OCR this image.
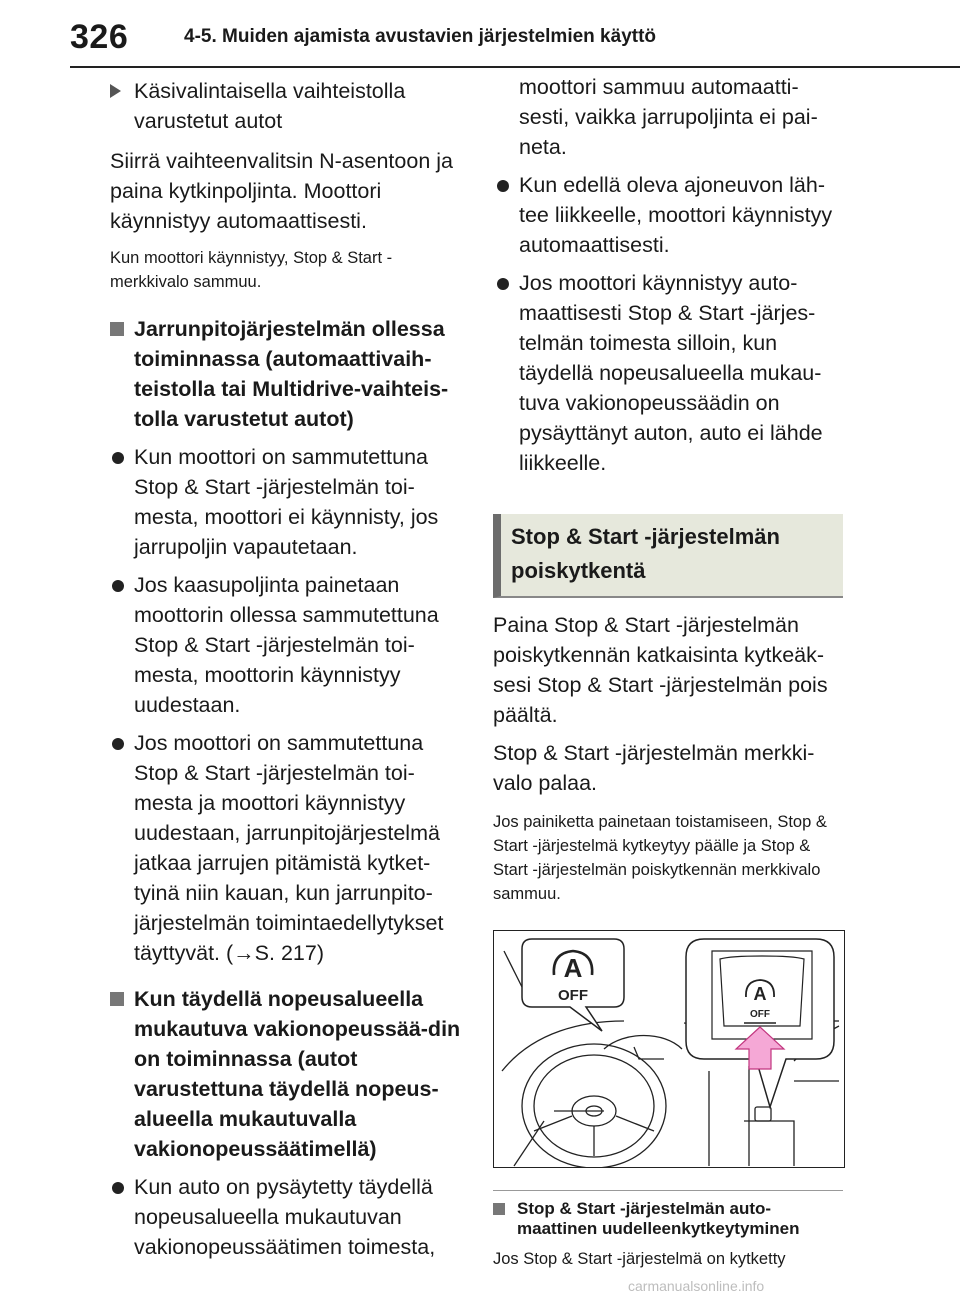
326	4-5. Muiden ajamista avustavien järjestelmien käyttö
Käsivalintaisella vaihteistolla varustetut autot

Siirrä vaihteenvalitsin N-asentoon ja paina kytkinpoljinta. Moottori käynnistyy automaattisesti.

Kun moottori käynnistyy, Stop & Start -merkkivalo sammuu.

Jarrunpitojärjestelmän ollessa toiminnassa (automaattivaih-teistolla tai Multidrive-vaihteis-tolla varustetut autot)
Kun moottori on sammutettuna Stop & Start -järjestelmän toi-mesta, moottori ei käynnisty, jos jarrupoljin vapautetaan.
Jos kaasupoljinta painetaan moottorin ollessa sammutettuna Stop & Start -järjestelmän toi-mesta, moottorin käynnistyy uudestaan.
Jos moottori on sammutettuna Stop & Start -järjestelmän toi-mesta ja moottori käynnistyy uudestaan, jarrunpitojärjestelmä jatkaa jarrujen pitämistä kytket-tyinä niin kauan, kun jarrunpito-järjestelmän toimintaedellytykset täyttyvät. (→S. 217)
Kun täydellä nopeusalueella mukautuva vakionopeussää-din on toiminnassa (autot varustettuna täydellä nopeus-alueella mukautuvalla vakionopeussäätimellä)
Kun auto on pysäytetty täydellä nopeusalueella mukautuvan vakionopeussäätimen toimesta,

moottori sammuu automaatti-sesti, vaikka jarrupoljinta ei pai-neta.

Kun edellä oleva ajoneuvon läh-tee liikkeelle, moottori käynnistyy automaattisesti.
Jos moottori käynnistyy auto-maattisesti Stop & Start -järjes-telmän toimesta silloin, kun täydellä nopeusalueella mukau-tuva vakionopeussäädin on pysäyttänyt auton, auto ei lähde liikkeelle.
Stop & Start -järjestelmän poiskytkentä

Paina Stop & Start -järjestelmän poiskytkennän katkaisinta kytkeäk-sesi Stop & Start -järjestelmän pois päältä.

Stop & Start -järjestelmän merkki-valo palaa.

Jos painiketta painetaan toistamiseen, Stop & Start -järjestelmä kytkeytyy päälle ja Stop & Start -järjestelmän poiskytkennän merkkivalo sammuu.

A
OFF	A
OFF
Stop & Start -järjestelmän auto-maattinen uudelleenkytkeytyminen

Jos Stop & Start -järjestelmä on kytketty

carmanualsonline.info
